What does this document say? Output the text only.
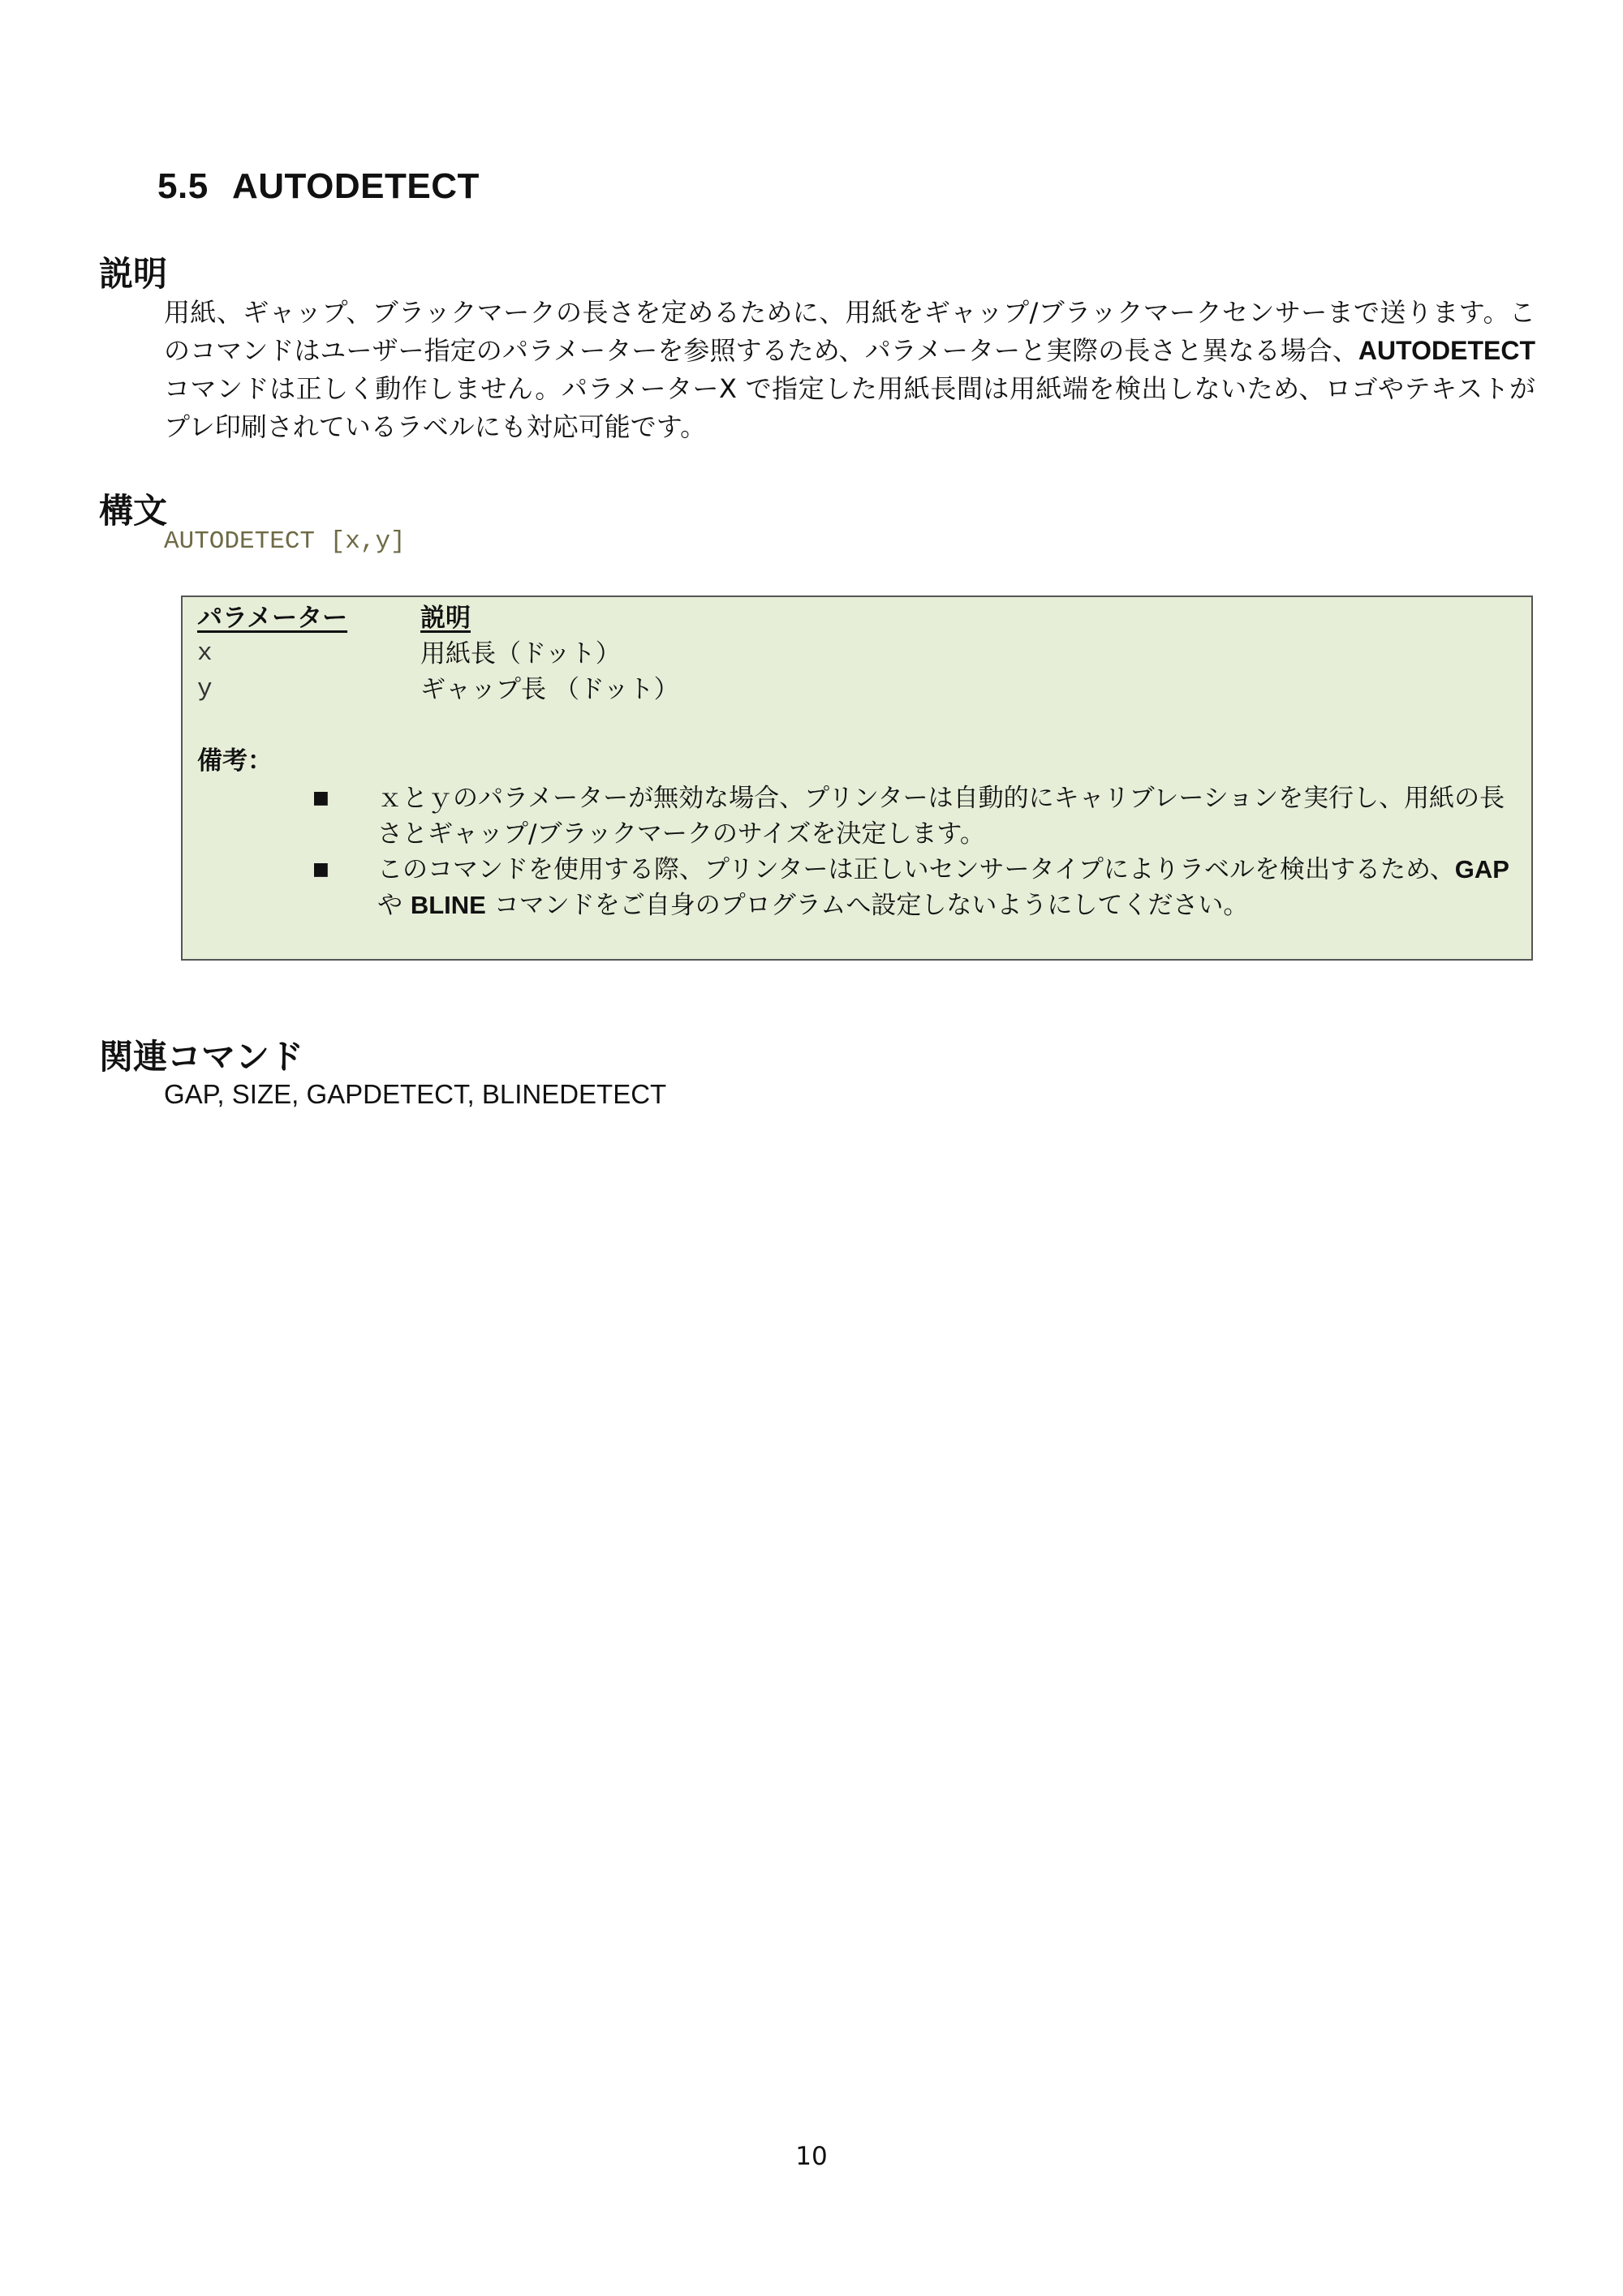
5.5 AUTODETECT
説明
用紙、ギャップ、ブラックマークの長さを定めるために、用紙をギャップ/ブラックマークセンサーまで送ります。このコマンドはユーザー指定のパラメーターを参照するため、パラメーターと実際の長さと異なる場合、AUTODETECT コマンドは正しく動作しません。パラメーターX で指定した用紙長間は用紙端を検出しないため、ロゴやテキストがプレ印刷されているラベルにも対応可能です。
構文
AUTODETECT [x,y]
パラメーター	説明
x	用紙長（ドット）
y	ギャップ長 （ドット）
備考：
■ ｘとｙのパラメーターが無効な場合、プリンターは自動的にキャリブレーションを実行し、用紙の長さとギャップ/ブラックマークのサイズを決定します。
■ このコマンドを使用する際、プリンターは正しいセンサータイプによりラベルを検出するため、GAP や BLINE コマンドをご自身のプログラムへ設定しないようにしてください。
関連コマンド
GAP, SIZE, GAPDETECT, BLINEDETECT
10
